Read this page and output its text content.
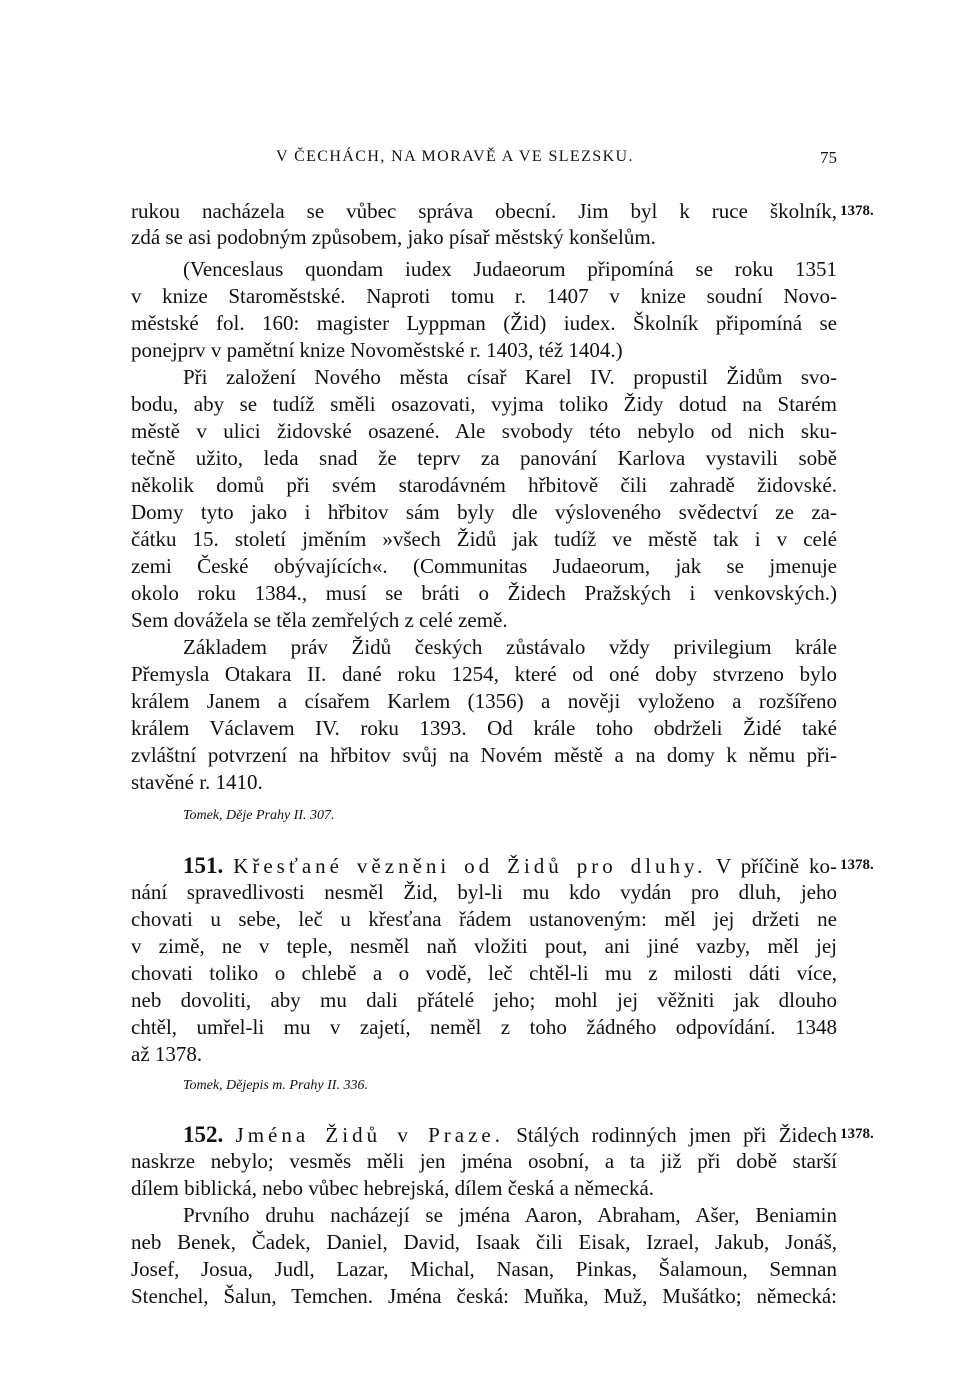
V ČECHÁCH, NA MORAVĚ A VE SLEZSKU.	75
rukou nacházela se vůbec správa obecní. Jim byl k ruce školník, 1378.
zdá se asi podobným způsobem, jako písař městský konšelům.
(Venceslaus quondam iudex Judaeorum připomíná se roku 1351
v knize Staroměstské. Naproti tomu r. 1407 v knize soudní Novo-
městské fol. 160: magister Lyppman (Žid) iudex. Školník připomíná se
ponejprv v pamětní knize Novoměstské r. 1403, též 1404.)
Při založení Nového města císař Karel IV. propustil Židům svo-
bodu, aby se tudíž směli osazovati, vyjma toliko Židy dotud na Starém
městě v ulici židovské osazené. Ale svobody této nebylo od nich sku-
tečně užito, leda snad že teprv za panování Karlova vystavili sobě
několik domů při svém starodávném hřbitově čili zahradě židovské.
Domy tyto jako i hřbitov sám byly dle výsloveného svědectví ze za-
čátku 15. století jměním »všech Židů jak tudíž ve městě tak i v celé
zemi České obývajících«. (Communitas Judaeorum, jak se jmenuje
okolo roku 1384., musí se bráti o Židech Pražských i venkovských.)
Sem dovážela se těla zemřelých z celé země.
Základem práv Židů českých zůstávalo vždy privilegium krále
Přemysla Otakara II. dané roku 1254, které od oné doby stvrzeno bylo
králem Janem a císařem Karlem (1356) a nověji vyloženo a rozšířeno
králem Václavem IV. roku 1393. Od krále toho obdrželi Židé také
zvláštní potvrzení na hřbitov svůj na Novém městě a na domy k němu při-
stavěné r. 1410.
Tomek, Děje Prahy II. 307.
151. Křesťané vězněni od Židů pro dluhy. V příčině ko- 1378.
nání spravedlivosti nesměl Žid, byl-li mu kdo vydán pro dluh, jeho
chovati u sebe, leč u křesťana řádem ustanoveným: měl jej držeti ne
v zimě, ne v teple, nesměl naň vložiti pout, ani jiné vazby, měl jej
chovati toliko o chlebě a o vodě, leč chtěl-li mu z milosti dáti více,
neb dovoliti, aby mu dali přátelé jeho; mohl jej věžniti jak dlouho
chtěl, umřel-li mu v zajetí, neměl z toho žádného odpovídání. 1348
až 1378.
Tomek, Dějepis m. Prahy II. 336.
152. Jména Židů v Praze. Stálých rodinných jmen při Židech 1378.
naskrze nebylo; vesměs měli jen jména osobní, a ta již při době starší
dílem biblická, nebo vůbec hebrejská, dílem česká a německá.
Prvního druhu nacházejí se jména Aaron, Abraham, Ašer, Beniamin
neb Benek, Čadek, Daniel, David, Isaak čili Eisak, Izrael, Jakub, Jonáš,
Josef, Josua, Judl, Lazar, Michal, Nasan, Pinkas, Šalamoun, Semnan
Stenchel, Šalun, Temchen. Jména česká: Muňka, Muž, Mušátko; německá:
